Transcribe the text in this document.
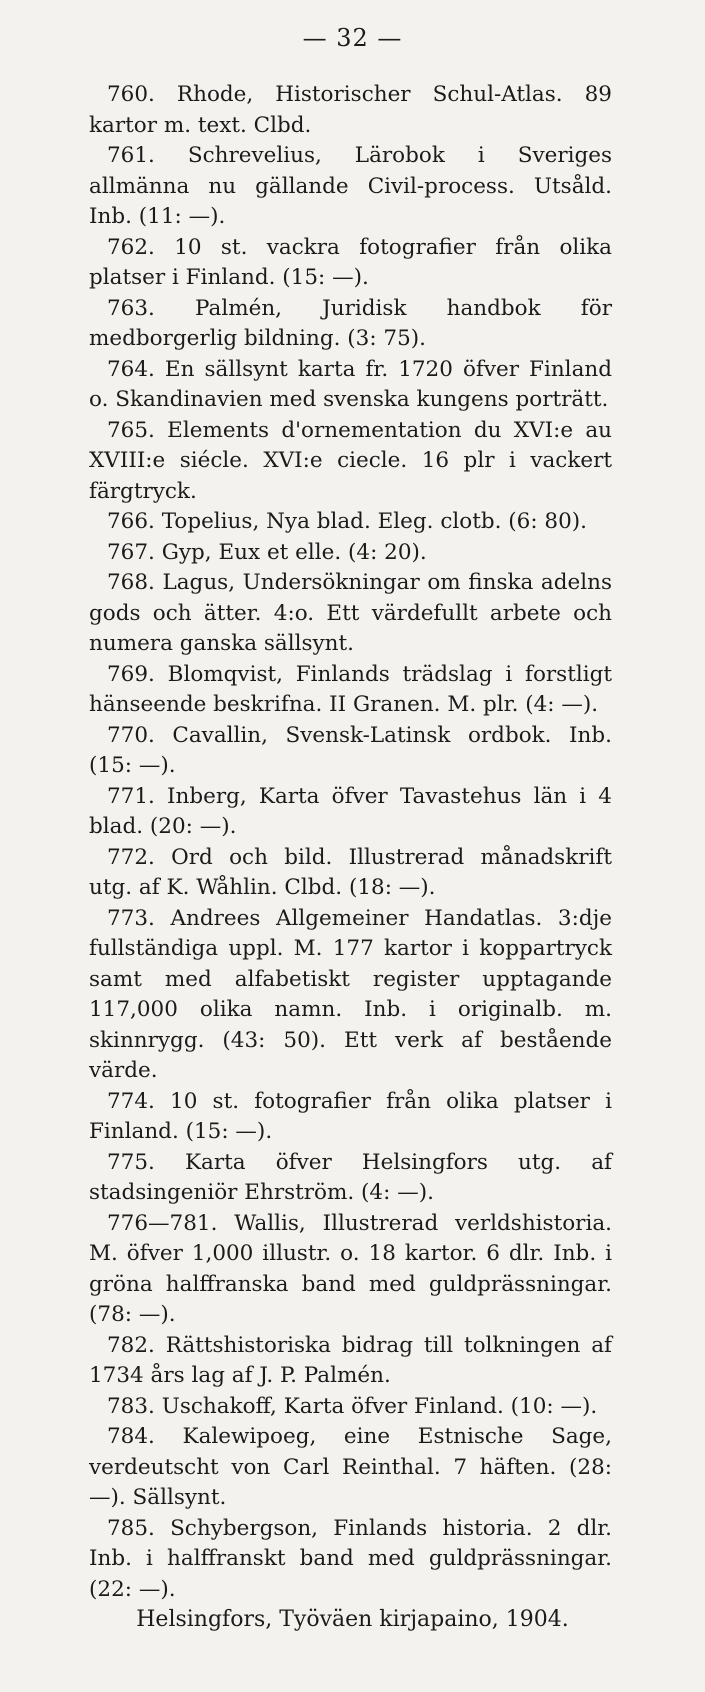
— 32 —

760. Rhode, Historischer Schul-Atlas. 89 kartor m. text. Clbd.

761. Schrevelius, Lärobok i Sveriges allmänna nu gällande Civil-process. Utsåld. Inb. (11: —).

762. 10 st. vackra fotografier från olika platser i Finland. (15: —).

763. Palmén, Juridisk handbok för medborgerlig bildning. (3: 75).

764. En sällsynt karta fr. 1720 öfver Finland o. Skandinavien med svenska kungens porträtt.

765. Elements d'ornementation du XVI:e au XVIII:e siécle. XVI:e ciecle. 16 plr i vackert färgtryck.

766. Topelius, Nya blad. Eleg. clotb. (6: 80).

767. Gyp, Eux et elle. (4: 20).

768. Lagus, Undersökningar om finska adelns gods och ätter. 4:o. Ett värdefullt arbete och numera ganska sällsynt.

769. Blomqvist, Finlands trädslag i forstligt hänseende beskrifna. II Granen. M. plr. (4: —).

770. Cavallin, Svensk-Latinsk ordbok. Inb. (15: —).

771. Inberg, Karta öfver Tavastehus län i 4 blad. (20: —).

772. Ord och bild. Illustrerad månadskrift utg. af K. Wåhlin. Clbd. (18: —).

773. Andrees Allgemeiner Handatlas. 3:dje fullständiga uppl. M. 177 kartor i koppartryck samt med alfabetiskt register upptagande 117,000 olika namn. Inb. i originalb. m. skinnrygg. (43: 50). Ett verk af bestående värde.

774. 10 st. fotografier från olika platser i Finland. (15: —).

775. Karta öfver Helsingfors utg. af stadsingeniör Ehrström. (4: —).

776—781. Wallis, Illustrerad verldshistoria. M. öfver 1,000 illustr. o. 18 kartor. 6 dlr. Inb. i gröna halffranska band med guldprässningar. (78: —).

782. Rättshistoriska bidrag till tolkningen af 1734 års lag af J. P. Palmén.

783. Uschakoff, Karta öfver Finland. (10: —).

784. Kalewipoeg, eine Estnische Sage, verdeutscht von Carl Reinthal. 7 häften. (28: —). Sällsynt.

785. Schybergson, Finlands historia. 2 dlr. Inb. i halffranskt band med guldprässningar. (22: —).

Helsingfors, Työväen kirjapaino, 1904.
